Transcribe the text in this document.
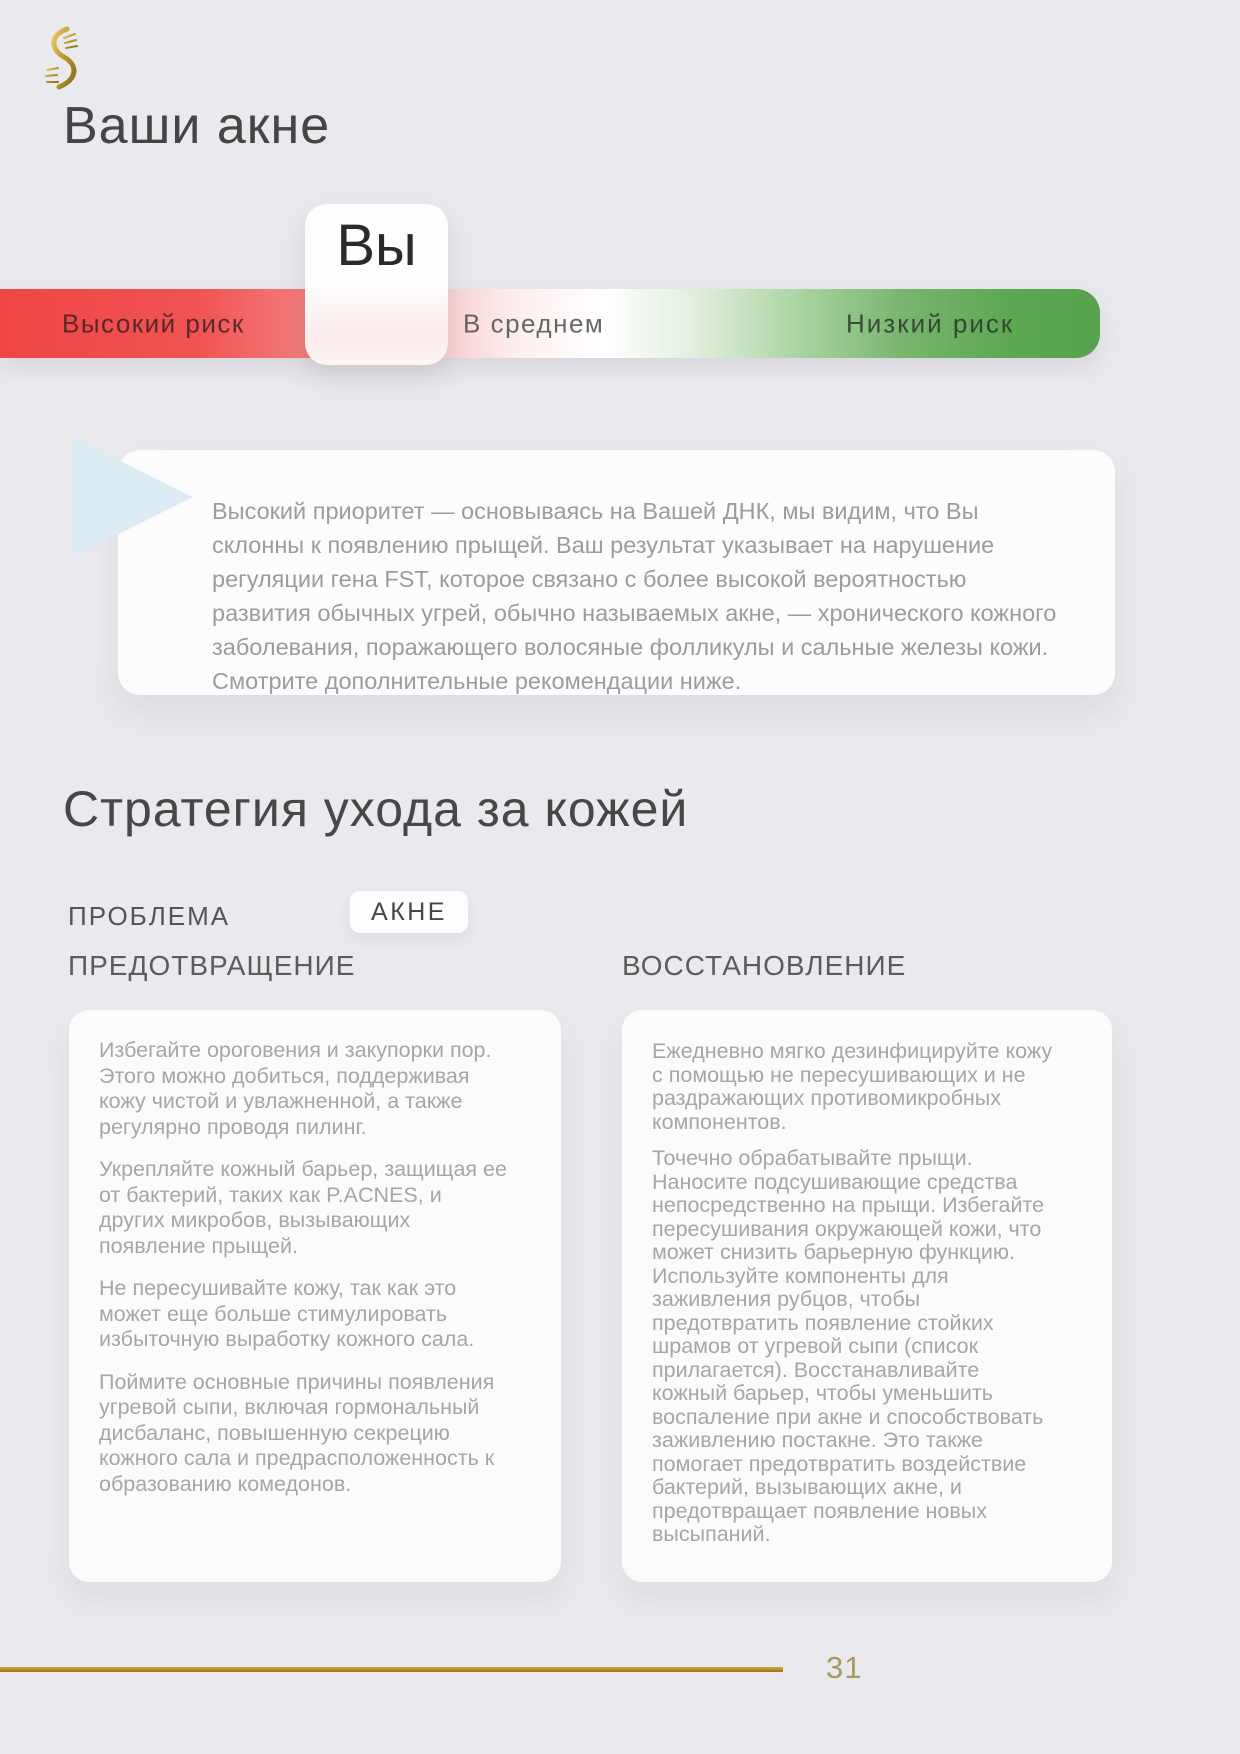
Ваши акне
Высокий риск	В среднем	Низкий риск
Вы
Высокий приоритет — основываясь на Вашей ДНК, мы видим, что Вы склонны к появлению прыщей. Ваш результат указывает на нарушение регуляции гена FST, которое связано с более высокой вероятностью развития обычных угрей, обычно называемых акне, — хронического кожного заболевания, поражающего волосяные фолликулы и сальные железы кожи. Смотрите дополнительные рекомендации ниже.
Стратегия ухода за кожей
ПРОБЛЕМА	АКНЕ
ПРЕДОТВРАЩЕНИЕ	ВОССТАНОВЛЕНИЕ

Избегайте ороговения и закупорки пор. Этого можно добиться, поддерживая кожу чистой и увлажненной, а также регулярно проводя пилинг.

Укрепляйте кожный барьер, защищая ее от бактерий, таких как P.ACNES, и других микробов, вызывающих появление прыщей.

Не пересушивайте кожу, так как это может еще больше стимулировать избыточную выработку кожного сала.

Поймите основные причины появления угревой сыпи, включая гормональный дисбаланс, повышенную секрецию кожного сала и предрасположенность к образованию комедонов.

Ежедневно мягко дезинфицируйте кожу с помощью не пересушивающих и не раздражающих противомикробных компонентов.

Точечно обрабатывайте прыщи. Наносите подсушивающие средства непосредственно на прыщи. Избегайте пересушивания окружающей кожи, что может снизить барьерную функцию. Используйте компоненты для заживления рубцов, чтобы предотвратить появление стойких шрамов от угревой сыпи (список прилагается). Восстанавливайте кожный барьер, чтобы уменьшить воспаление при акне и способствовать заживлению постакне. Это также помогает предотвратить воздействие бактерий, вызывающих акне, и предотвращает появление новых высыпаний.

31
